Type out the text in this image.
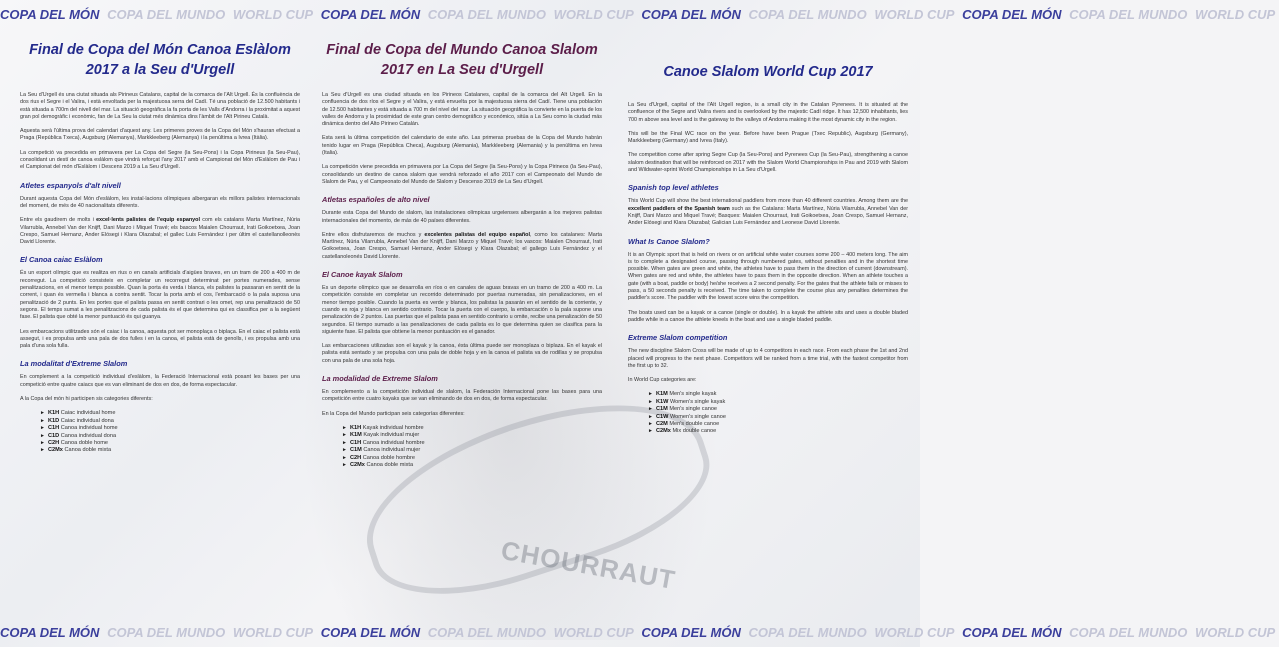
CHOURRAUT
COPA DEL MÓN COPA DEL MUNDO WORLD CUP COPA DEL MÓN COPA DEL MUNDO WORLD CUP COPA DEL MÓN COPA DEL MUNDO WORLD CUP COPA DEL MÓN COPA DEL MUNDO WORLD CUP
Final de Copa del Món Canoa Eslàlom
2017 a la Seu d'Urgell

La Seu d'Urgell és una ciutat situada als Pirineus Catalans, capital de la comarca de l'Alt Urgell. És la confluència de dos rius el Segre i el Valira, i està envoltada per la majestuosa serra del Cadí. Té una població de 12.500 habitants i està situada a 700m del nivell del mar. La situació geogràfica la fa porta de les Valls d'Andorra i la proximitat a aquest gran pol demogràfic i econòmic, fan de La Seu la ciutat més dinàmica dins l'àmbit de l'Alt Pirineu Català.

Aquesta serà l'última prova del calendari d'aquest any. Les primeres proves de la Copa del Món s'hauran efectuat a Praga (República Txeca), Augsburg (Alemanya), Markkleeberg (Alemanya) i la penúltima a Ivrea (Itàlia).

La competició va precedida en primavera per La Copa del Segre (la Seu-Pons) i la Copa Pirineus (la Seu-Pau), consolidant un destí de canoa eslàlom que vindrà reforçat l'any 2017 amb el Campionat del Món d'Eslàlom de Pau i el Campionat del món d'Eslàlom i Descens 2019 a La Seu d'Urgell.

Atletes espanyols d'alt nivell

Durant aquesta Copa del Món d'eslàlom, les instal·lacions olímpiques albergaran els millors palistes internacionals del moment, de més de 40 nacionalitats diferents.

Entre els gaudirem de molts i excel·lents palistes de l'equip espanyol com els catalans Marta Martínez, Núria Vilarrubla, Annebel Van der Knijff, Dani Marzo i Miquel Travé; els bascos Maialen Chourraut, Irati Goikoetxea, Joan Crespo, Samuel Hernanz, Ander Elósegi i Klara Olazabal; el gallec Luis Fernández i per últim el castellanolleonès David Llorente.

El Canoa caiac Eslàlom

És un esport olímpic que es realitza en rius o en canals artificials d'aigües braves, en un tram de 200 a 400 m de recorregut. La competició consisteix en completar un recorregut determinat per portes numerades, sense penalitzacions, en el menor temps possible. Quan la porta és verda i blanca, els palistes la passaran en sentit de la corrent, i quan és vermella i blanca a contra sentit. Tocar la porta amb el cos, l'embarcació o la pala suposa una penalització de 2 punts. En les portes que el palista passa en sentit contrari o les omet, rep una penalització de 50 segons. El temps sumat a les penalitzacions de cada palista és el que determina qui es classifica per a la següent fase. El palista que obté la menor puntuació és qui guanya.

Les embarcacions utilitzades són el caiac i la canoa, aquesta pot ser monoplaça o biplaça. En el caiac el palista està assegut, i es propulsa amb una pala de dos fulles i en la canoa, el palista està de genolls, i es propulsa amb una pala d'una sola fulla.

La modalitat d'Extreme Slalom

En complement a la competició individual d'eslàlom, la Federació Internacional està posant les bases per una competició entre quatre caiacs que es van eliminant de dos en dos, de forma espectacular.

A la Copa del món hi participen sis categories diferents:

► K1H Caiac individual home
► K1D Caiac individual dona
► C1H Canoa individual home
► C1D Canoa individual dona
► C2H Canoa doble home
► C2Mx Canoa doble mixta
Final de Copa del Mundo Canoa Slalom
2017 en La Seu d'Urgell

La Seu d'Urgell es una ciudad situada en los Pirineos Catalanes, capital de la comarca del Alt Urgell. En la confluencia de dos ríos el Segre y el Valira, y está envuelta por la majestuosa sierra del Cadí. Tiene una población de 12.500 habitantes y está situada a 700 m del nivel del mar. La situación geográfica la convierte en la puerta de los valles de Andorra y la proximidad de este gran centro demográfico y económico, sitúa a La Seu como la ciudad más dinámica dentro del Alto Pirineo Catalán.

Esta será la última competición del calendario de este año. Las primeras pruebas de la Copa del Mundo habrán tenido lugar en Praga (República Checa), Augsburg (Alemania), Markkleeberg (Alemania) y la penúltima en Ivrea (Italia).

La competición viene precedida en primavera por La Copa del Segre (la Seu-Pons) y la Copa Pirineos (la Seu-Pau), consolidando un destino de canoa slalom que vendrá reforzado el año 2017 con el Campeonato del Mundo de Slalom de Pau, y el Campeonato del Mundo de Slalom y Descenso 2019 de La Seu d'Urgell.

Atletas españoles de alto nivel

Durante esta Copa del Mundo de slalom, las instalaciones olímpicas urgelenses albergarán a los mejores palistas internacionales del momento, de más de 40 países diferentes.

Entre ellos disfrutaremos de muchos y excelentes palistas del equipo español, como los catalanes: Marta Martínez, Núria Vilarrubla, Annebel Van der Knijff, Dani Marzo y Miquel Travé; los vascos: Maialen Chourraut, Irati Goikoetxea, Joan Crespo, Samuel Hernanz, Ander Elósegi y Klara Olazabal; el gallego Luis Fernández y el castellanoleonés David Llorente.

El Canoe kayak Slalom

Es un deporte olímpico que se desarrolla en ríos o en canales de aguas bravas en un tramo de 200 a 400 m. La competición consiste en completar un recorrido determinado por puertas numeradas, sin penalizaciones, en el menor tiempo posible. Cuando la puerta es verde y blanca, los palistas la pasarán en el sentido de la corriente, y cuando es roja y blanca en sentido contrario. Tocar la puerta con el cuerpo, la embarcación o la pala supone una penalización de 2 puntos. Las puertas que el palista pasa en sentido contrario u omite, recibe una penalización de 50 segundos. El tiempo sumado a las penalizaciones de cada palista es lo que determina quien se clasifica para la siguiente fase. El palista que obtiene la menor puntuación es el ganador.

Las embarcaciones utilizadas son el kayak y la canoa, ésta última puede ser monoplaza o biplaza. En el kayak el palista está sentado y se propulsa con una pala de doble hoja y en la canoa el palista va de rodillas y se propulsa con una pala de una sola hoja.

La modalidad de Extreme Slalom

En complemento a la competición individual de slalom, la Federación Internacional pone las bases para una competición entre cuatro kayaks que se van eliminando de dos en dos, de forma espectacular.

En la Copa del Mundo participan seis categorías diferentes:

► K1H Kayak individual hombre
► K1M Kayak individual mujer
► C1H Canoa individual hombre
► C1M Canoa individual mujer
► C2H Canoa doble hombre
► C2Mx Canoa doble mixta
Canoe Slalom World Cup 2017

La Seu d'Urgell, capital of the l'Alt Urgell region, is a small city in the Catalan Pyrenees. It is situated at the confluence of the Segre and Valira rivers and is overlooked by the majestic Cadí ridge. It has 12,500 inhabitants, lies 700 m above sea level and is the gateway to the valleys of Andorra making it the most dynamic city in the region.

This will be the Final WC race on the year. Before have been Prague (Txec Republic), Augsburg (Germany), Markkleeberg (Germany) and Ivrea (Italy).

The competition come after spring Segre Cup (la Seu-Pons) and Pyrenees Cup (la Seu-Pau), strengthening a canoe slalom destination that will be reinforced on 2017 with the Slalom World Championships in Pau and 2019 with Slalom and Wildwater-sprint World Championships in La Seu d'Urgell.

Spanish top level athletes

This World Cup will show the best international paddlers from more than 40 different countries. Among them are the excellent paddlers of the Spanish team such as the Catalans: Marta Martínez, Núria Vilarrubla, Annebel Van der Knijff, Dani Marzo and Miquel Travé; Basques: Maialen Chourraut, Irati Goikoetxea, Joan Crespo, Samuel Hernanz, Ander Elósegi and Klara Olazabal; Galician Luis Fernández and Leonese David Llorente.

What Is Canoe Slalom?

It is an Olympic sport that is held on rivers or on artificial white water courses some 200 – 400 meters long. The aim is to complete a designated course, passing through numbered gates, without penalties and in the shortest time possible. When gates are green and white, the athletes have to pass them in the direction of current (downstream). When gates are red and white, the athletes have to pass them in the opposite direction. When an athlete touches a gate (with a boat, paddle or body) he/she receives a 2 second penalty. For the gates that the athlete fails or misses to pass, a 50 seconds penalty is received. The time taken to complete the course plus any penalties determines the paddler's score. The paddler with the lowest score wins the competition.

The boats used can be a kayak or a canoe (single or double). In a kayak the athlete sits and uses a double bladed paddle while in a canoe the athlete kneels in the boat and use a single bladed paddle.

Extreme Slalom competition

The new discipline Slalom Cross will be made of up to 4 competitors in each race. From each phase the 1st and 2nd placed will progress to the next phase. Competitors will be ranked from a time trial, with the fastest competitor from the first up to 32.

In World Cup categories are:

► K1M Men's single kayak
► K1W Women's single kayak
► C1M Men's single canoe
► C1W Women's single canoe
► C2M Men's double canoe
► C2Mx Mix double canoe
COPA DEL MÓN COPA DEL MUNDO WORLD CUP COPA DEL MÓN COPA DEL MUNDO WORLD CUP COPA DEL MÓN COPA DEL MUNDO WORLD CUP COPA DEL MÓN COPA DEL MUNDO WORLD CUP
